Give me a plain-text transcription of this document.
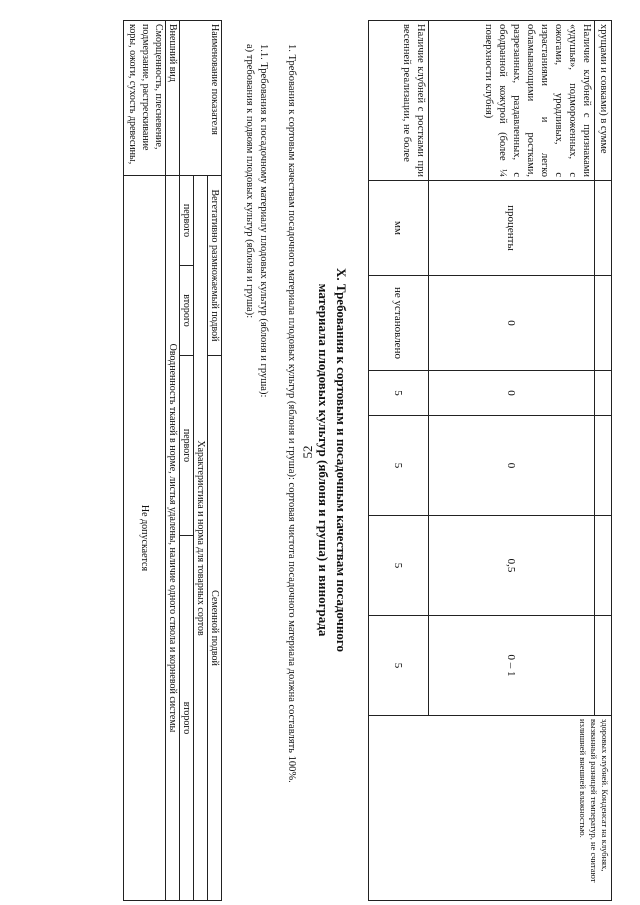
52
хрущами и совками) в сумме							здоровых клубней. Конденсат на клубнях, вызванный разницей температур, не считают излишней внешней влажностью.
Наличие клубней с признаками «удушья», подмороженных, с ожогами, уродливых, с израстаниями и легко обламывающими ростками, разрезанных, раздавленных, с ободранной кожурой (более ¼ поверхности клубня)	проценты	0	0	0	0,5	0 – 1	
Наличие клубней с ростками при весенней реализации, не более	мм	не установлено	5	5	5	5	
X. Требования к сортовым и посадочным качествам посадочного
материала плодовых культур (яблоня и груша) и винограда
1. Требования к сортовым качествам посадочного материала плодовых культур (яблоня и груша): сортовая чистота посадочного материала должна составлять 100%.
1.1. Требования к посадочному материалу плодовых культур (яблоня и груша):
а) требования к подвоям плодовых культур (яблоня и груша):
Наименование показателя	Вегетативно размножаемый подвой		Семенной подвой	
	Характеристика и норма для товарных сортов			
	первого	второго	первого	второго
Внешний вид	Оводненность тканей в норме, листья удалены, наличие одного ствола и корневой системы			
Сморщенность, плесневение, подмерзание, растрескивание коры, ожоги, сухость древесины,	Не допускается			
